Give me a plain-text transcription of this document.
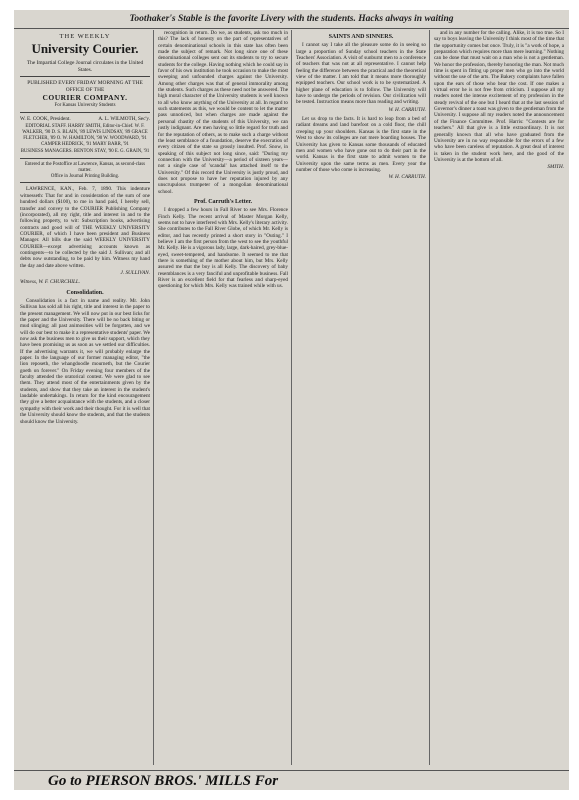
Toothaker's Stable is the favorite Livery with the students. Hacks always in waiting
THE WEEKLY
University Courier.
The Impartial College Journal circulates in the United States.
PUBLISHED EVERY FRIDAY MORNING AT THE OFFICE OF THE
COURIER COMPANY.
For Kansas University Students
W. E. COOK, President.	A. L. WILMOTH, Sec'y.
EDITORIAL STAFF. HARRY SMITH, Editor-in-Chief. W. F. WALKER, '90 D. S. BLAIN, '89 LEWIS LINDSAY, '89 GRACE FLETCHER, '89 O. W. HAMILTON, '90 W. WOODWARD, '91 CAMPER HEDRICK, '91 MARY BARR, '91
BUSINESS MANAGERS. BENTON STAY, '90 E. G. GRAIN, '91
Entered at the Postoffice at Lawrence, Kansas, as second-class matter.
Office in Journal Printing Building.

LAWRENCE, KAN., Feb. 7, 1890. This indenture witnesseth: That for and in consideration of the sum of one hundred dollars ($100), to me in hand paid, I hereby sell, transfer and convey to the COURIER Publishing Company (incorporated), all my right, title and interest in and to the following property, to wit: Subscription books, advertising contracts and good will of THE WEEKLY UNIVERSITY COURIER, of which I have been president and Business Manager. All bills due the said WEEKLY UNIVERSITY COURIER—except advertising accounts known as contingents—to be collected by the said J. Sullivan; and all debts now outstanding, to be paid by him. Witness my hand the day and date above written.

J. SULLIVAN.
Witness, W. F. CHURCHILL.
Consolidation.

Consolidation is a fact in name and reality. Mr. John Sullivan has sold all his right, title and interest in the paper to the present management. We will now put in our best licks for the paper and the University. There will be no back biting or mud slinging; all past animosities will be forgotten, and we will do our best to make it a representative students' paper. We now ask the business men to give us their support, which they have been promising us as soon as we settled our difficulties. If the advertising warrants it, we will probably enlarge the paper. In the language of our former managing editor, "the lion reposeth, the whangdoodle mourneth, but the Courier goeth on forever." On Friday evening four members of the faculty attended the oratorical contest. We were glad to see them. They attend most of the entertainments given by the students, and show that they take an interest in the student's laudable undertakings. In return for the kind encouragement they give a better acquaintance with the students, and a closer sympathy with their work and their thought. For it is well that the University should know the students, and that the students should know the University.

recognition in return. Do we, as students, ask too much in this? The lack of honesty on the part of representatives of certain denominational schools in this state has often been made the subject of remark. Not long since one of these denominational colleges sent out its students to try to secure students for the college. Having nothing which he could say in favor of his own institution he took occasion to make the most sweeping and unfounded charges against the University. Among other charges was that of general immorality among the students. Such charges as these need not be answered. The high moral character of the University students is well known to all who know anything of the University at all. In regard to such statements as this, we would be content to let the matter pass unnoticed, but when charges are made against the personal chastity of the students of this University, we can justly indignant. Are men having so little regard for truth and for the reputation of others, as to make such a charge without the least semblance of a foundation, deserve the execration of every citizen of the state so grossly insulted. Prof. Snow, in speaking of this subject not long since, said: "During my connection with the University—a period of sixteen years—not a single case of 'scandal' has attached itself to the University." Of this record the University is justly proud, and does not propose to have her reputation injured by any unscrupulous trumpeter of a mongolian denominational school.

Prof. Carruth's Letter.

I dropped a few hours in Fall River to see Mrs. Florence Finch Kelly. The recent arrival of Master Morgan Kelly, seems not to have interfered with Mrs. Kelly's literary activity. She contributes to the Fall River Globe, of which Mr. Kelly is editor, and has recently printed a short story in "Outing." I believe I am the first person from the west to see the youthful Mr. Kelly. He is a vigorous lady, large, dark-haired, grey-blue-eyed, sweet-tempered, and handsome. It seemed to me that there is something of the mother about him, but Mrs. Kelly assured me that the boy is all Kelly. The discovery of baby resemblances is a very fanciful and unprofitable business. Fall River is an excellent field for that fearless and sharp-eyed questioning for which Mrs. Kelly was trained while with us.

SAINTS AND SINNERS.

I cannot say I take all the pleasure some do in seeing so large a proportion of Sunday school teachers in the State Teachers' Association. A visit of sunburnt men to a conference of teachers that was not at all representative. I cannot help feeling the difference between the practical and the theoretical view of the matter. I am told that it means more thoroughly equipped teachers. Our school work is to be systematized. A higher plane of education is to follow. The University will have to undergo the periods of revision. Our civilization will be tested. Instruction means more than reading and writing.

W. H. CARRUTH.

Let us drop to the facts. It is hard to leap from a bed of radiant dreams and land barefoot on a cold floor, the chill creeping up your shoulders. Kansas is the first state in the West to show its colleges are not mere boarding houses. The University has given to Kansas some thousands of educated men and women who have gone out to do their part in the world. Kansas is the first state to admit women to the University upon the same terms as men. Every year the number of those who come is increasing.

W. H. CARRUTH.

and in any number for the calling. Alike, it is too true. So I say to boys leaving the University I think most of the time that the opportunity comes but once. Truly, it is "a work of hope, a preparation which requires more than mere learning." Nothing can be done that must wait on a man who is not a gentleman. We honor the profession, thereby honoring the man. Not much time is spent in fitting up proper men who go into the world without the use of the arts. The Bakery complaints have fallen upon the ears of those who bear the cost. If one makes a virtual error he is not free from criticism. I suppose all my readers noted the intense excitement of my profession in the steady revival of the one but I heard that at the last session of Governor's dinner a toast was given to the gentleman from the University. I suppose all my readers noted the announcement of the Finance Committee. Prof. Harris: "Contests are for teachers." All that give is a little extraordinary. It is not generally known that all who have graduated from the University are in no way responsible for the errors of a few who have been careless of reputation. A great deal of interest is taken in the student work here, and the good of the University is at the bottom of all.

SMITH.
Go to PIERSON BROS.' MILLS For
